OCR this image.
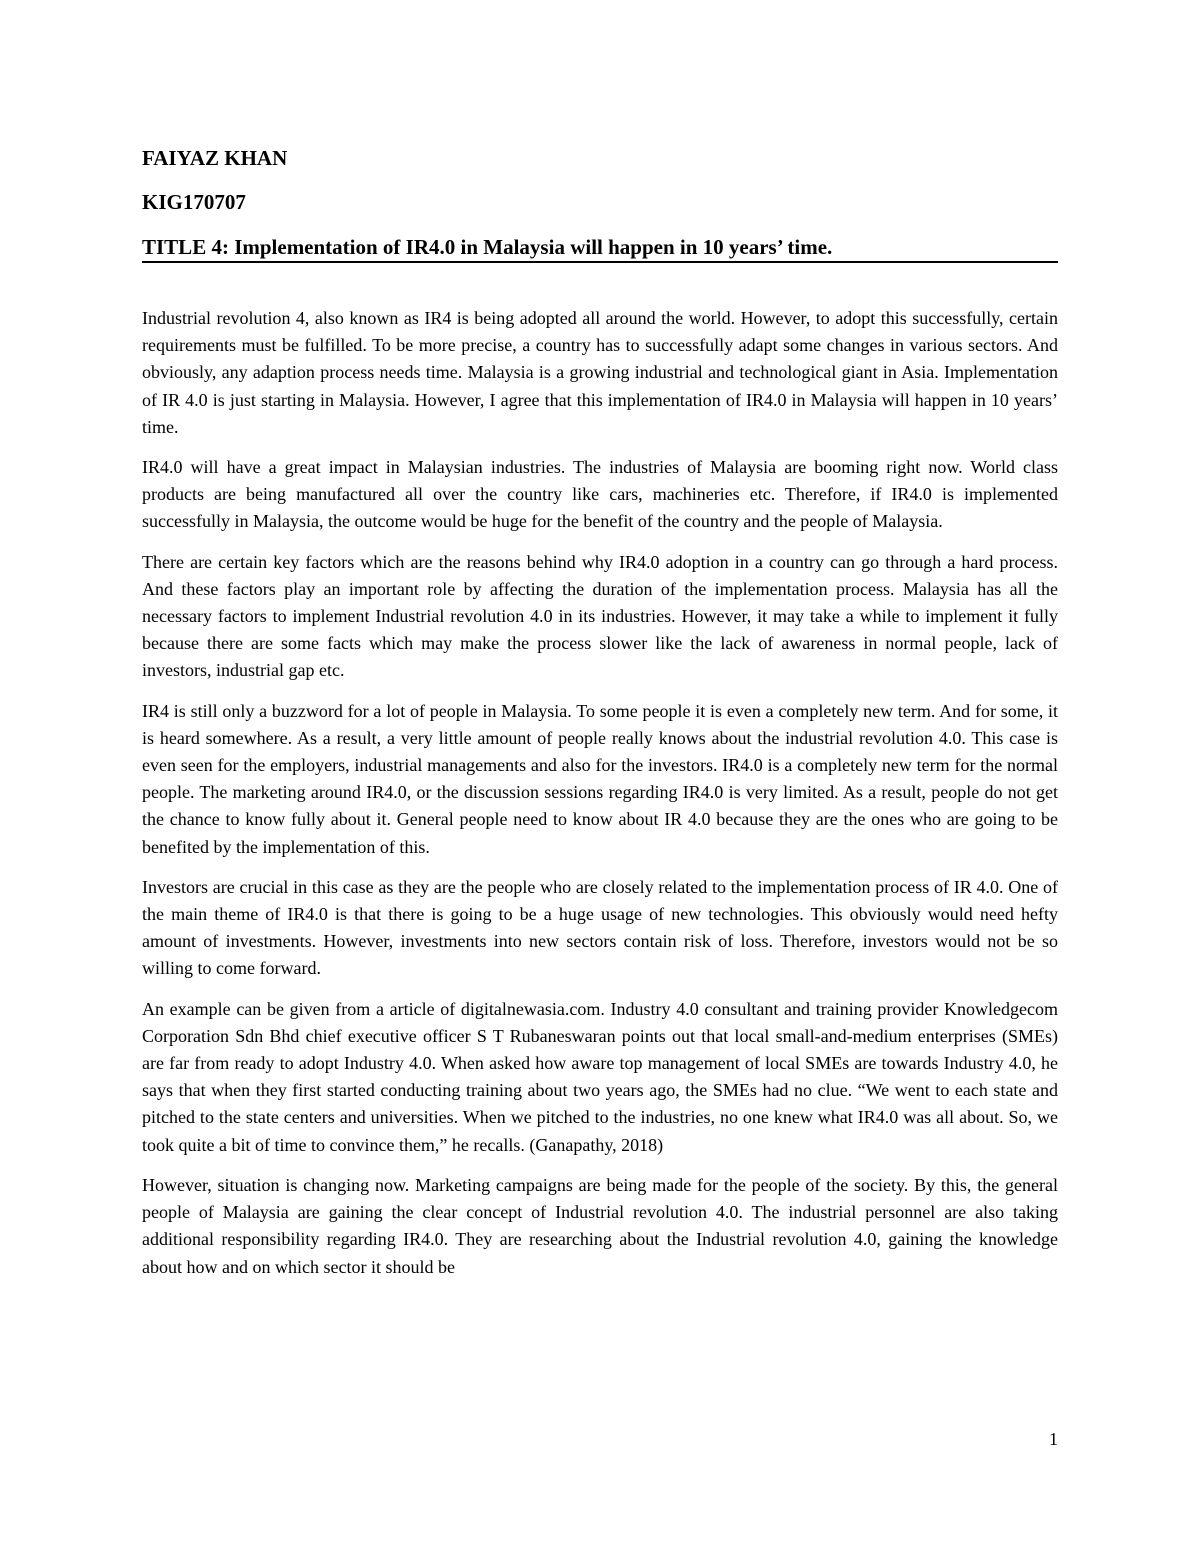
FAIYAZ KHAN
KIG170707
TITLE 4: Implementation of IR4.0 in Malaysia will happen in 10 years’ time.

Industrial revolution 4, also known as IR4 is being adopted all around the world. However, to adopt this successfully, certain requirements must be fulfilled. To be more precise, a country has to successfully adapt some changes in various sectors. And obviously, any adaption process needs time. Malaysia is a growing industrial and technological giant in Asia. Implementation of IR 4.0 is just starting in Malaysia. However, I agree that this implementation of IR4.0 in Malaysia will happen in 10 years’ time.

IR4.0 will have a great impact in Malaysian industries. The industries of Malaysia are booming right now. World class products are being manufactured all over the country like cars, machineries etc. Therefore, if IR4.0 is implemented successfully in Malaysia, the outcome would be huge for the benefit of the country and the people of Malaysia.

There are certain key factors which are the reasons behind why IR4.0 adoption in a country can go through a hard process. And these factors play an important role by affecting the duration of the implementation process. Malaysia has all the necessary factors to implement Industrial revolution 4.0 in its industries. However, it may take a while to implement it fully because there are some facts which may make the process slower like the lack of awareness in normal people, lack of investors, industrial gap etc.

IR4 is still only a buzzword for a lot of people in Malaysia. To some people it is even a completely new term. And for some, it is heard somewhere. As a result, a very little amount of people really knows about the industrial revolution 4.0. This case is even seen for the employers, industrial managements and also for the investors. IR4.0 is a completely new term for the normal people. The marketing around IR4.0, or the discussion sessions regarding IR4.0 is very limited. As a result, people do not get the chance to know fully about it. General people need to know about IR 4.0 because they are the ones who are going to be benefited by the implementation of this.

Investors are crucial in this case as they are the people who are closely related to the implementation process of IR 4.0. One of the main theme of IR4.0 is that there is going to be a huge usage of new technologies. This obviously would need hefty amount of investments. However, investments into new sectors contain risk of loss. Therefore, investors would not be so willing to come forward.

An example can be given from a article of digitalnewasia.com. Industry 4.0 consultant and training provider Knowledgecom Corporation Sdn Bhd chief executive officer S T Rubaneswaran points out that local small-and-medium enterprises (SMEs) are far from ready to adopt Industry 4.0. When asked how aware top management of local SMEs are towards Industry 4.0, he says that when they first started conducting training about two years ago, the SMEs had no clue. “We went to each state and pitched to the state centers and universities. When we pitched to the industries, no one knew what IR4.0 was all about. So, we took quite a bit of time to convince them,” he recalls. (Ganapathy, 2018)

However, situation is changing now. Marketing campaigns are being made for the people of the society. By this, the general people of Malaysia are gaining the clear concept of Industrial revolution 4.0. The industrial personnel are also taking additional responsibility regarding IR4.0. They are researching about the Industrial revolution 4.0, gaining the knowledge about how and on which sector it should be

1
